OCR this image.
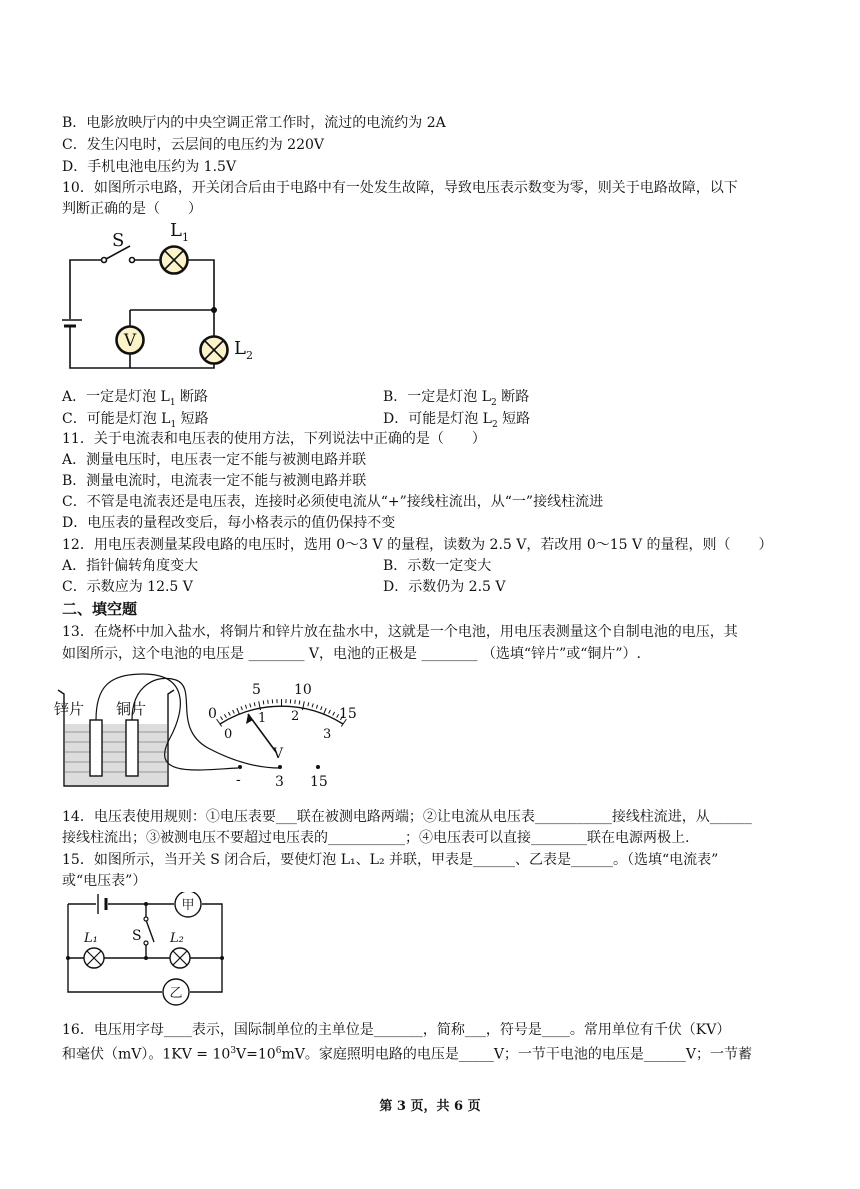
B．电影放映厅内的中央空调正常工作时，流过的电流约为 2A
C．发生闪电时，云层间的电压约为 220V
D．手机电池电压约为 1.5V
10．如图所示电路，开关闭合后由于电路中有一处发生故障，导致电压表示数变为零，则关于电路故障，以下
判断正确的是（　　）
V
S	$L_1$
$L_2$
A．一定是灯泡 $L_1$ 断路	B．一定是灯泡 $L_2$ 断路
C．可能是灯泡 $L_1$ 短路	D．可能是灯泡 $L_2$ 短路
11．关于电流表和电压表的使用方法，下列说法中正确的是（　　）
A．测量电压时，电压表一定不能与被测电路并联
B．测量电流时，电流表一定不能与被测电路并联
C．不管是电流表还是电压表，连接时必须使电流从“+”接线柱流出，从“一”接线柱流进
D．电压表的量程改变后，每小格表示的值仍保持不变
12．用电压表测量某段电路的电压时，选用 0～3 V 的量程，读数为 2.5 V，若改用 0～15 V 的量程，则（　　）
A．指针偏转角度变大	B．示数一定变大
C．示数应为 12.5 V	D．示数仍为 2.5 V
二、填空题
13．在烧杯中加入盐水，将铜片和锌片放在盐水中，这就是一个电池，用电压表测量这个自制电池的电压，其
如图所示，这个电池的电压是 ________ V，电池的正极是 ________ （选填“锌片”或“铜片”）.
锌片 铜片	0
5 10
15
0
1 2
3
V
- 3 15
14．电压表使用规则：①电压表要___联在被测电路两端；②让电流从电压表___________接线柱流进，从______
接线柱流出；③被测电压不要超过电压表的___________；④电压表可以直接________联在电源两极上.
15．如图所示，当开关 S 闭合后，要使灯泡 L₁、L₂ 并联，甲表是______、乙表是______。（选填“电流表”
或“电压表”）
甲
乙
L₁	L₂
S
16．电压用字母____表示，国际制单位的主单位是_______，简称___，符号是____。常用单位有千伏（KV）
和毫伏（mV）。$1KV = 10^3V=10^6mV$。家庭照明电路的电压是_____V；一节干电池的电压是______V；一节蓄
第 3 页，共 6 页
